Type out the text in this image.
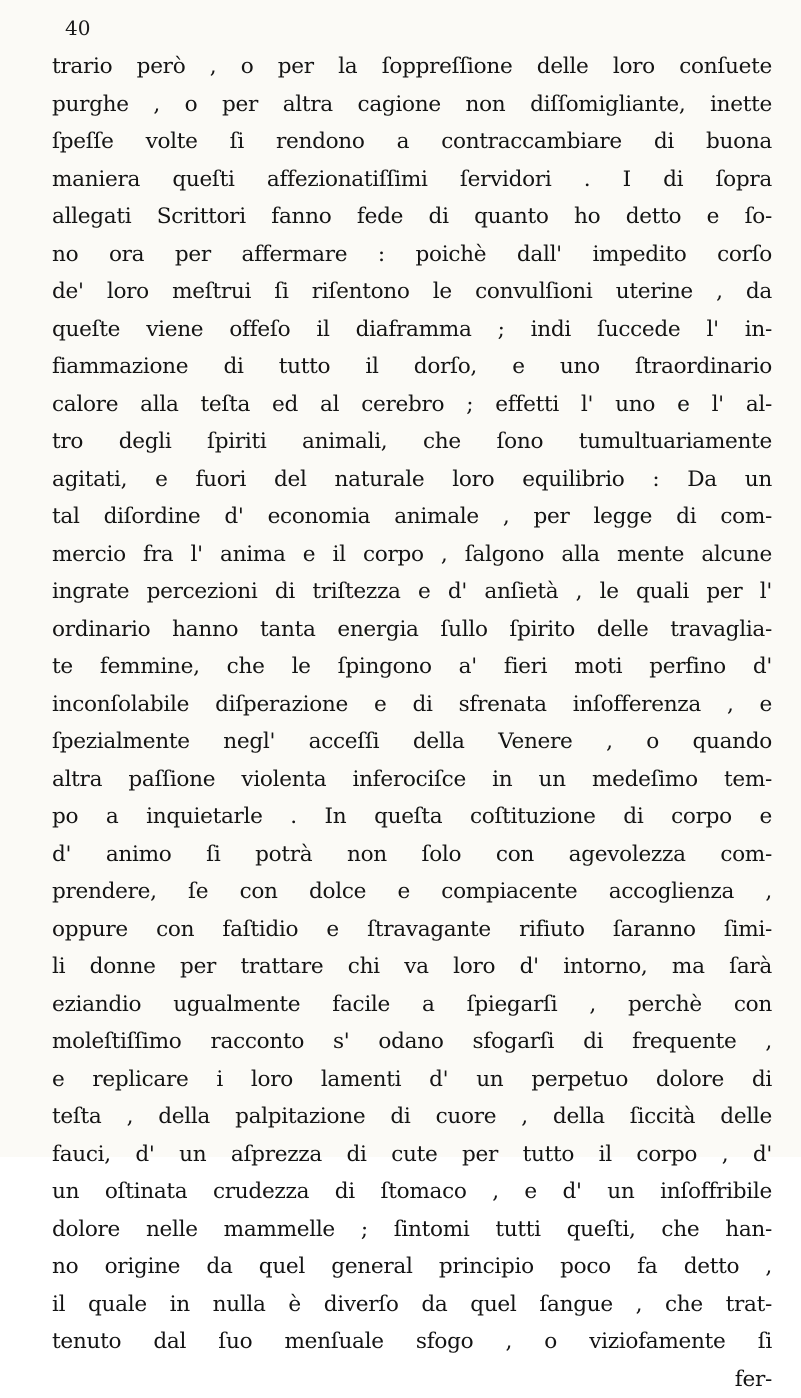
40
trario però , o per la ſoppreſſione delle loro conſuete
purghe , o per altra cagione non diſſomigliante, inette
ſpeſſe volte ſi rendono a contraccambiare di buona
maniera queſti affezionatiſſimi ſervidori . I di ſopra
allegati Scrittori fanno fede di quanto ho detto e ſo-
no ora per affermare : poichè dall' impedito corſo
de' loro meſtrui ſi riſentono le convulſioni uterine , da
queſte viene offeſo il diaframma ; indi ſuccede l' in-
fiammazione di tutto il dorſo, e uno ſtraordinario
calore alla teſta ed al cerebro ; effetti l' uno e l' al-
tro degli ſpiriti animali, che ſono tumultuariamente
agitati, e fuori del naturale loro equilibrio : Da un
tal diſordine d' economia animale , per legge di com-
mercio fra l' anima e il corpo , ſalgono alla mente alcune
ingrate percezioni di triſtezza e d' anſietà , le quali per l'
ordinario hanno tanta energia ſullo ſpirito delle travaglia-
te femmine, che le ſpingono a' fieri moti perfino d'
inconſolabile diſperazione e di sfrenata inſofferenza , e
ſpezialmente negl' acceſſi della Venere , o quando
altra paſſione violenta inferociſce in un medeſimo tem-
po a inquietarle . In queſta coſtituzione di corpo e
d' animo ſi potrà non ſolo con agevolezza com-
prendere, ſe con dolce e compiacente accoglienza ,
oppure con faſtidio e ſtravagante rifiuto ſaranno ſimi-
li donne per trattare chi va loro d' intorno, ma ſarà
eziandio ugualmente facile a ſpiegarſi , perchè con
moleſtiſſimo racconto s' odano sfogarſi di frequente ,
e replicare i loro lamenti d' un perpetuo dolore di
teſta , della palpitazione di cuore , della ſiccità delle
fauci, d' un aſprezza di cute per tutto il corpo , d'
un oſtinata crudezza di ſtomaco , e d' un inſoffribile
dolore nelle mammelle ; ſintomi tutti queſti, che han-
no origine da quel general principio poco fa detto ,
il quale in nulla è diverſo da quel ſangue , che trat-
tenuto dal ſuo menſuale sfogo , o viziofamente ſi
fer-
